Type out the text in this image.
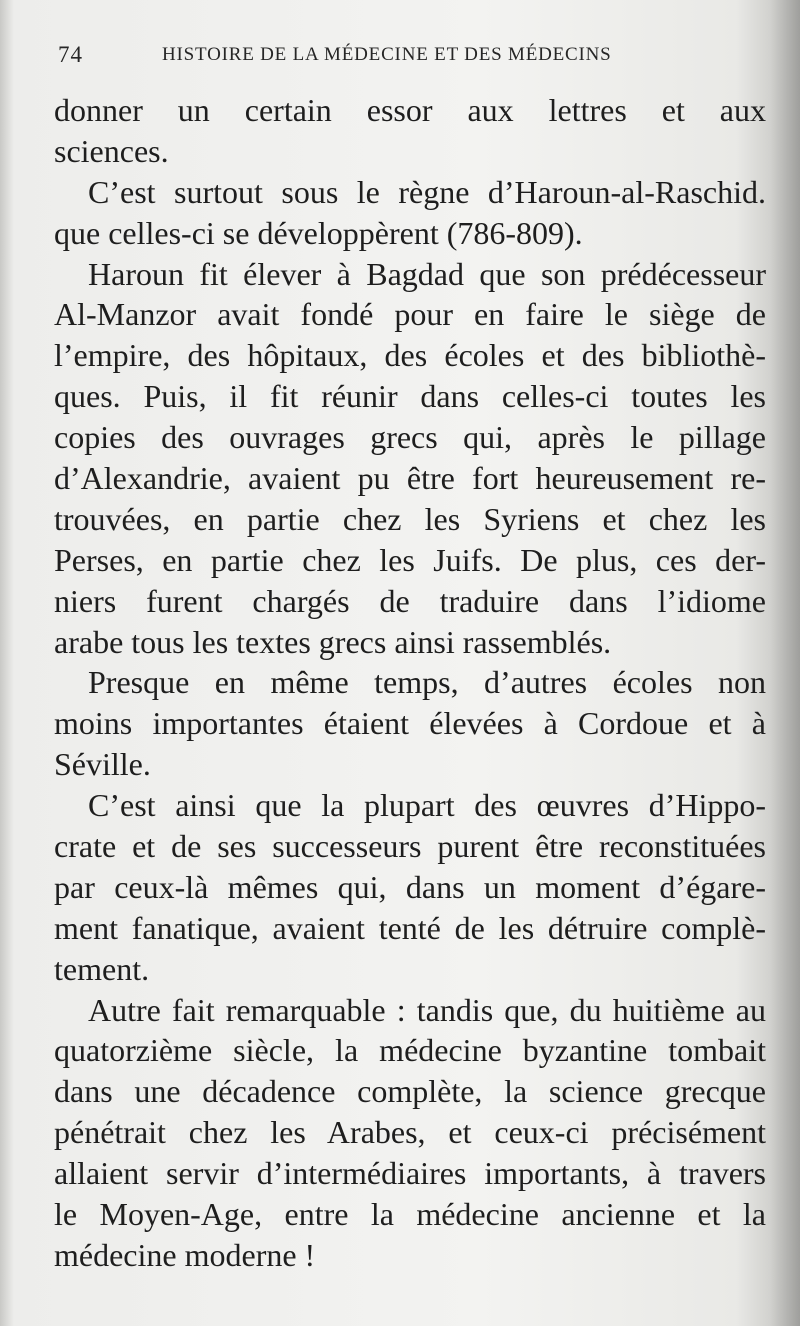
74	HISTOIRE DE LA MÉDECINE ET DES MÉDECINS
donner un certain essor aux lettres et aux
sciences.
C’est surtout sous le règne d’Haroun-al-Raschid.
que celles-ci se développèrent (786-809).
Haroun fit élever à Bagdad que son prédécesseur
Al-Manzor avait fondé pour en faire le siège de
l’empire, des hôpitaux, des écoles et des bibliothè-
ques. Puis, il fit réunir dans celles-ci toutes les
copies des ouvrages grecs qui, après le pillage
d’Alexandrie, avaient pu être fort heureusement re-
trouvées, en partie chez les Syriens et chez les
Perses, en partie chez les Juifs. De plus, ces der-
niers furent chargés de traduire dans l’idiome
arabe tous les textes grecs ainsi rassemblés.
Presque en même temps, d’autres écoles non
moins importantes étaient élevées à Cordoue et à
Séville.
C’est ainsi que la plupart des œuvres d’Hippo-
crate et de ses successeurs purent être reconstituées
par ceux-là mêmes qui, dans un moment d’égare-
ment fanatique, avaient tenté de les détruire complè-
tement.
Autre fait remarquable : tandis que, du huitième au
quatorzième siècle, la médecine byzantine tombait
dans une décadence complète, la science grecque
pénétrait chez les Arabes, et ceux-ci précisément
allaient servir d’intermédiaires importants, à travers
le Moyen-Age, entre la médecine ancienne et la
médecine moderne !
